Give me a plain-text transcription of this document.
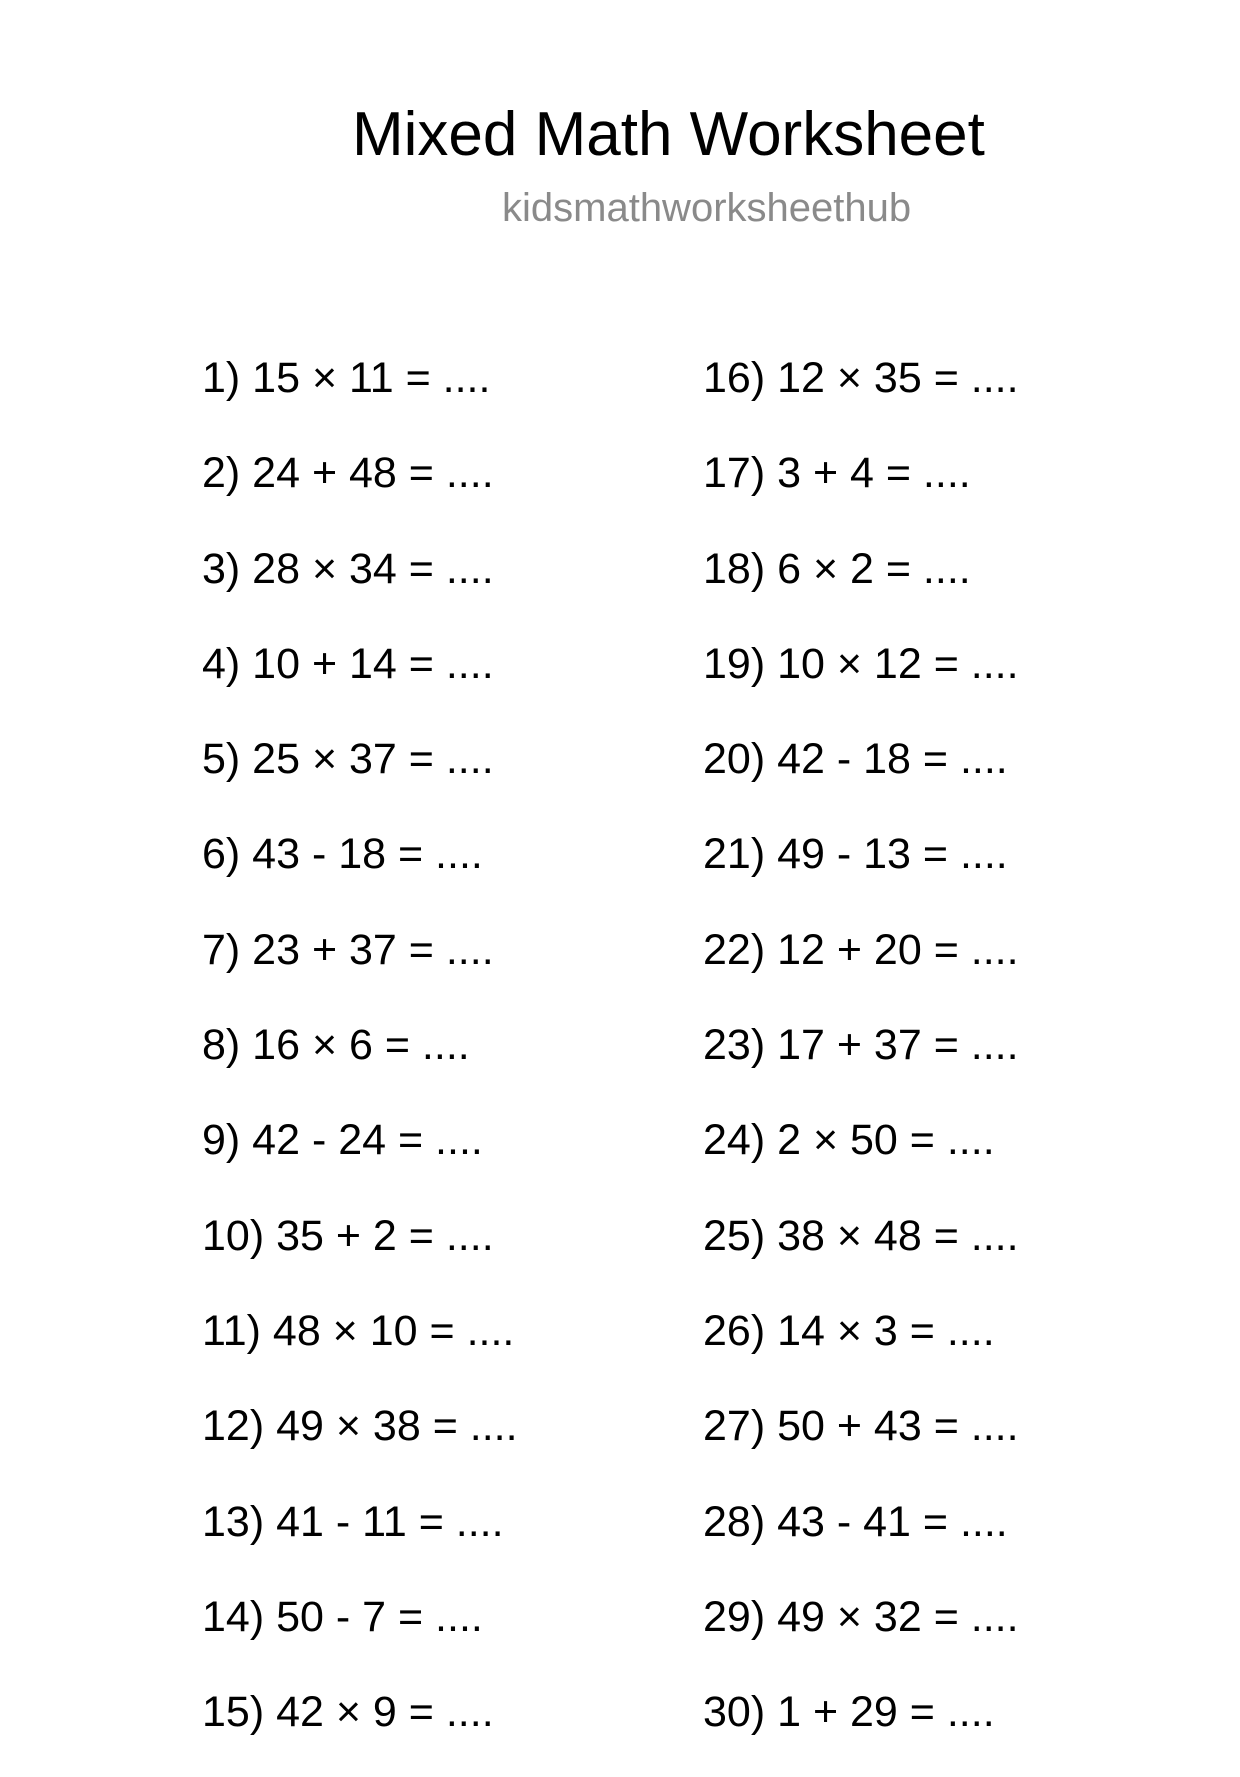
Mixed Math Worksheet
kidsmathworksheethub
1) 15 × 11 = ....
2) 24 + 48 = ....
3) 28 × 34 = ....
4) 10 + 14 = ....
5) 25 × 37 = ....
6) 43 - 18 = ....
7) 23 + 37 = ....
8) 16 × 6 = ....
9) 42 - 24 = ....
10) 35 + 2 = ....
11) 48 × 10 = ....
12) 49 × 38 = ....
13) 41 - 11 = ....
14) 50 - 7 = ....
15) 42 × 9 = ....
16) 12 × 35 = ....
17) 3 + 4 = ....
18) 6 × 2 = ....
19) 10 × 12 = ....
20) 42 - 18 = ....
21) 49 - 13 = ....
22) 12 + 20 = ....
23) 17 + 37 = ....
24) 2 × 50 = ....
25) 38 × 48 = ....
26) 14 × 3 = ....
27) 50 + 43 = ....
28) 43 - 41 = ....
29) 49 × 32 = ....
30) 1 + 29 = ....
